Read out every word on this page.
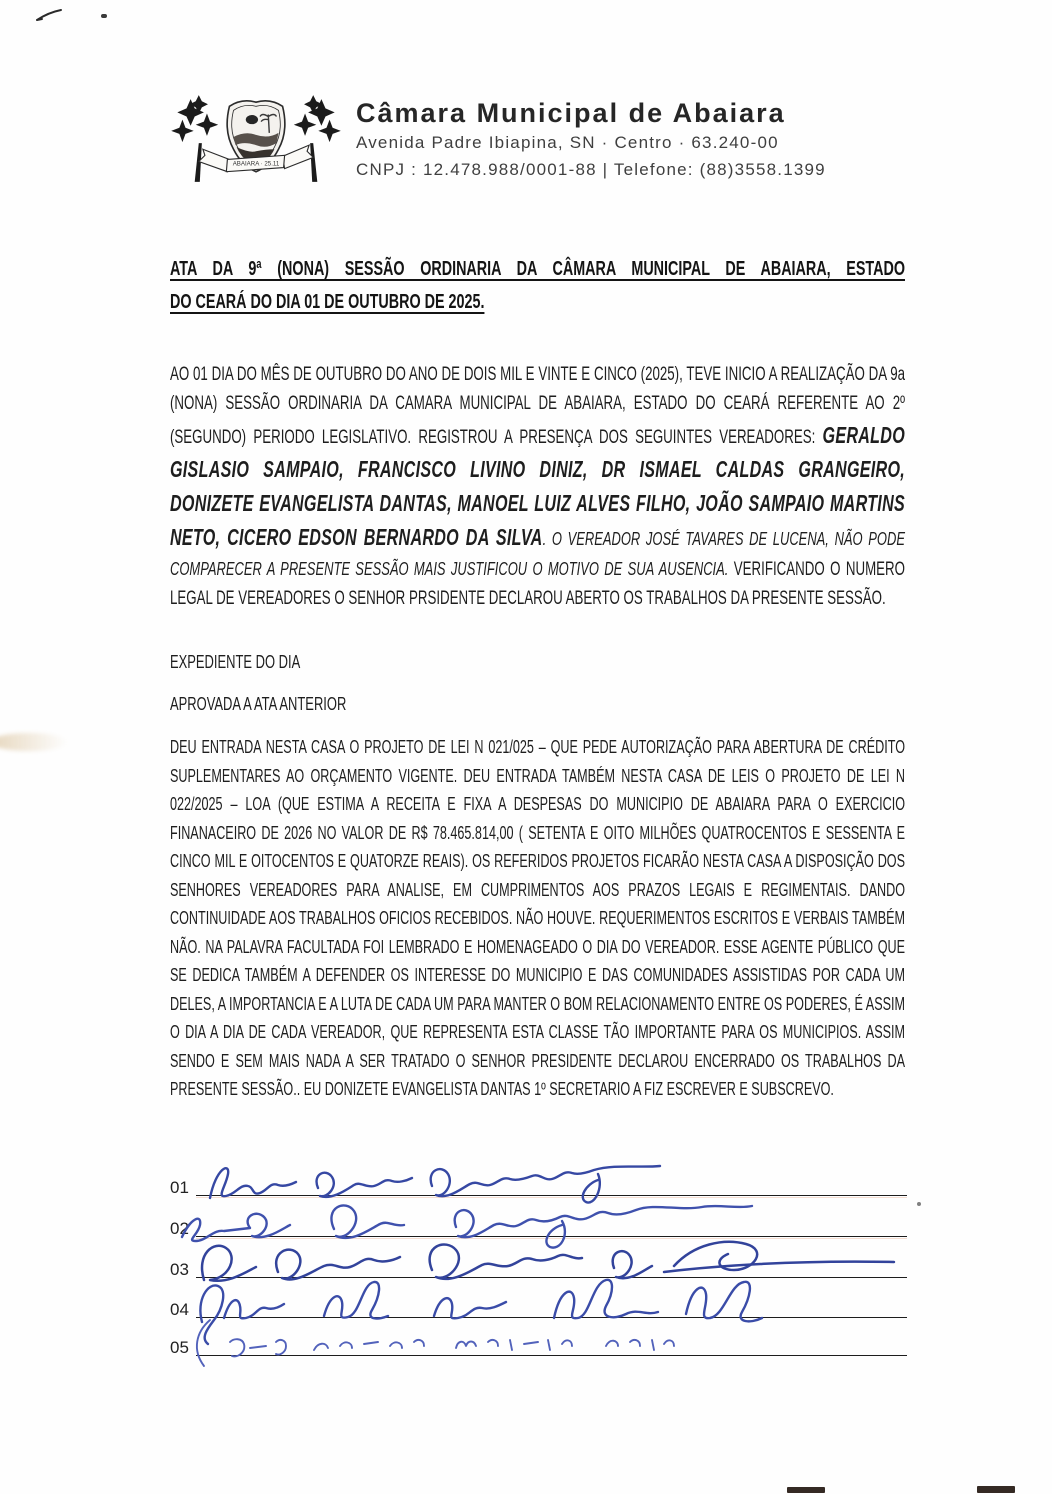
ABAIARA · 25.11
Câmara Municipal de Abaiara
Avenida Padre Ibiapina, SN · Centro · 63.240-00
CNPJ : 12.478.988/0001-88 | Telefone: (88)3558.1399
ATA DA 9ª (NONA) SESSÃO ORDINARIA DA CÂMARA MUNICIPAL DE ABAIARA, ESTADO
DO CEARÁ DO DIA 01 DE OUTUBRO DE 2025.
AO 01 DIA DO MÊS DE OUTUBRO DO ANO DE DOIS MIL E VINTE E CINCO (2025), TEVE INICIO A REALIZAÇÃO DA 9a (NONA) SESSÃO ORDINARIA DA CAMARA MUNICIPAL DE ABAIARA, ESTADO DO CEARÁ REFERENTE AO 2º (SEGUNDO) PERIODO LEGISLATIVO. REGISTROU A PRESENÇA DOS SEGUINTES VEREADORES: GERALDO GISLASIO SAMPAIO, FRANCISCO LIVINO DINIZ, DR ISMAEL CALDAS GRANGEIRO, DONIZETE EVANGELISTA DANTAS, MANOEL LUIZ ALVES FILHO, JOÃO SAMPAIO MARTINS NETO, CICERO EDSON BERNARDO DA SILVA. O VEREADOR JOSÉ TAVARES DE LUCENA, NÃO PODE COMPARECER A PRESENTE SESSÃO MAIS JUSTIFICOU O MOTIVO DE SUA AUSENCIA. VERIFICANDO O NUMERO LEGAL DE VEREADORES O SENHOR PRSIDENTE DECLAROU ABERTO OS TRABALHOS DA PRESENTE SESSÃO.
EXPEDIENTE DO DIA
APROVADA A ATA ANTERIOR
DEU ENTRADA NESTA CASA O PROJETO DE LEI N 021/025 – QUE PEDE AUTORIZAÇÃO PARA ABERTURA DE CRÉDITO SUPLEMENTARES AO ORÇAMENTO VIGENTE. DEU ENTRADA TAMBÉM NESTA CASA DE LEIS O PROJETO DE LEI N 022/2025 – LOA (QUE ESTIMA A RECEITA E FIXA A DESPESAS DO MUNICIPIO DE ABAIARA PARA O EXERCICIO FINANACEIRO DE 2026 NO VALOR DE R$ 78.465.814,00 ( SETENTA E OITO MILHÕES QUATROCENTOS E SESSENTA E CINCO MIL E OITOCENTOS E QUATORZE REAIS). OS REFERIDOS PROJETOS FICARÃO NESTA CASA A DISPOSIÇÃO DOS SENHORES VEREADORES PARA ANALISE, EM CUMPRIMENTOS AOS PRAZOS LEGAIS E REGIMENTAIS. DANDO CONTINUIDADE AOS TRABALHOS OFICIOS RECEBIDOS. NÃO HOUVE. REQUERIMENTOS ESCRITOS E VERBAIS TAMBÉM NÃO. NA PALAVRA FACULTADA FOI LEMBRADO E HOMENAGEADO O DIA DO VEREADOR. ESSE AGENTE PÚBLICO QUE SE DEDICA TAMBÉM A DEFENDER OS INTERESSE DO MUNICIPIO E DAS COMUNIDADES ASSISTIDAS POR CADA UM DELES, A IMPORTANCIA E A LUTA DE CADA UM PARA MANTER O BOM RELACIONAMENTO ENTRE OS PODERES, É ASSIM O DIA A DIA DE CADA VEREADOR, QUE REPRESENTA ESTA CLASSE TÃO IMPORTANTE PARA OS MUNICIPIOS. ASSIM SENDO E SEM MAIS NADA A SER TRATADO O SENHOR PRESIDENTE DECLAROU ENCERRADO OS TRABALHOS DA PRESENTE SESSÃO.. EU DONIZETE EVANGELISTA DANTAS 1º SECRETARIO A FIZ ESCREVER E SUBSCREVO.
01
02
03
04
05
